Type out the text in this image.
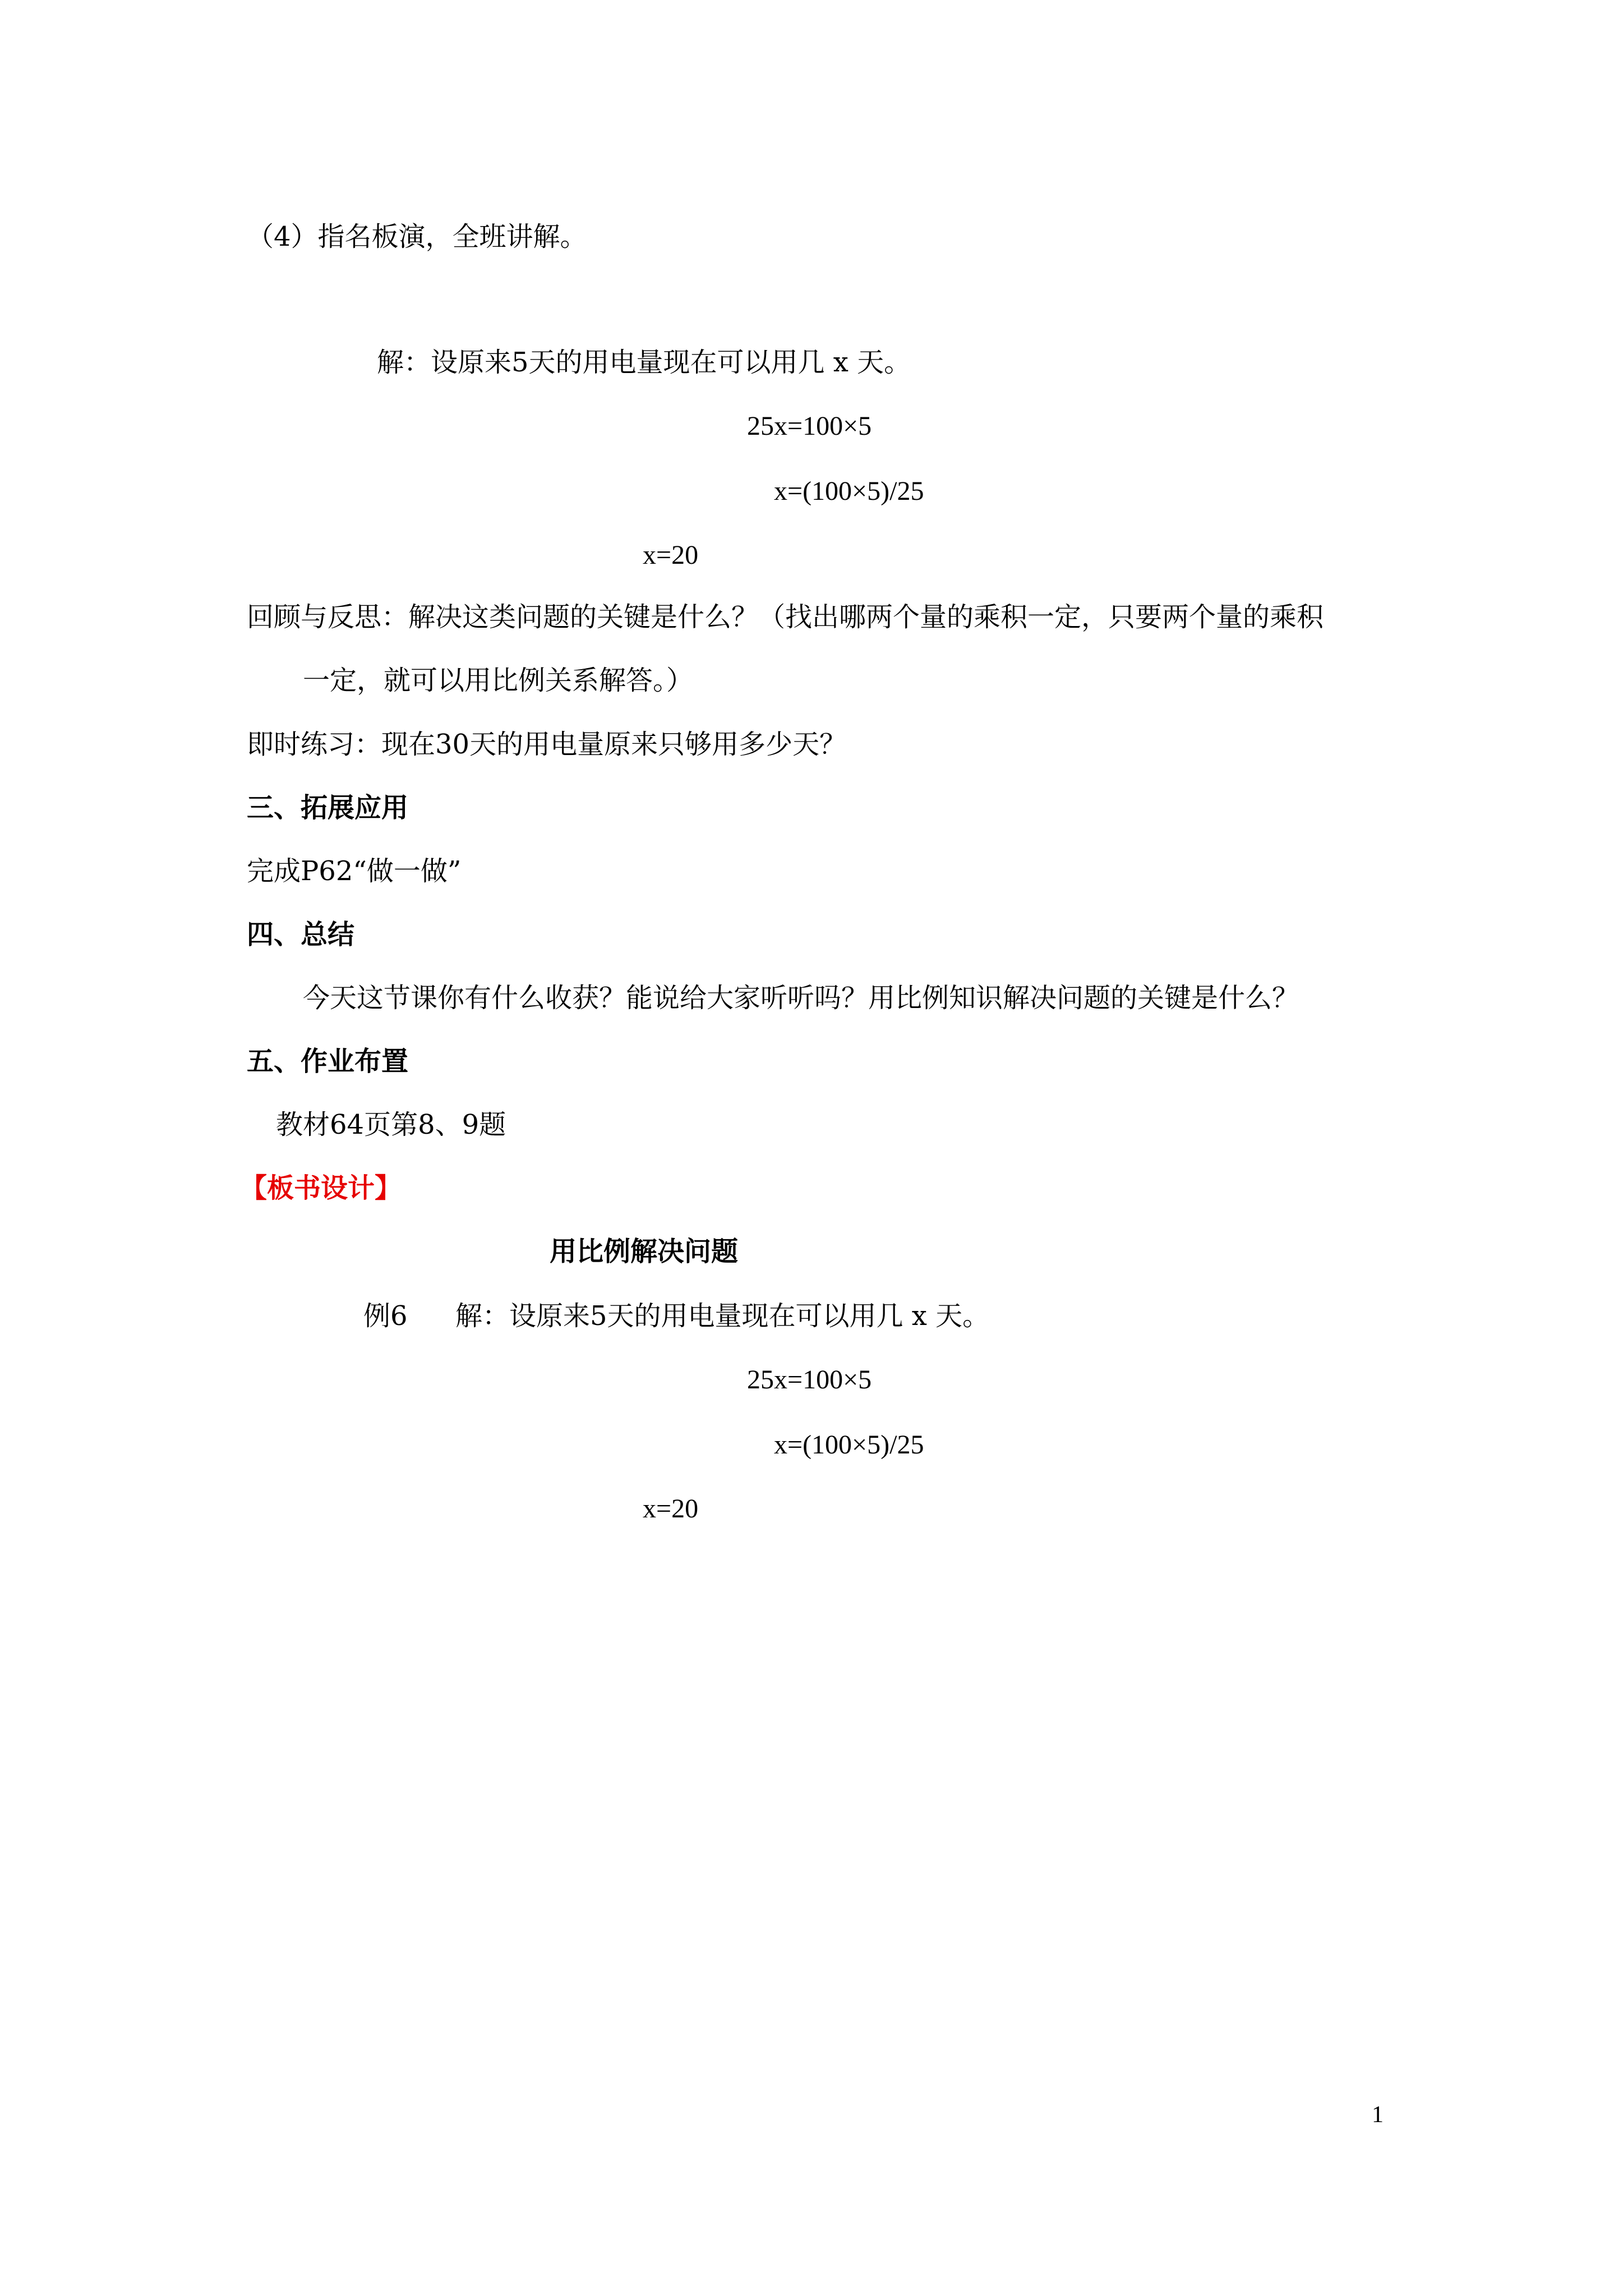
（4）指名板演，全班讲解。
解：设原来5天的用电量现在可以用几 x 天。
25x=100×5
x=(100×5)/25
x=20
回顾与反思：解决这类问题的关键是什么？（找出哪两个量的乘积一定，只要两个量的乘积
一定，就可以用比例关系解答。）
即时练习：现在30天的用电量原来只够用多少天？
三、拓展应用
完成P62“做一做”
四、总结
今天这节课你有什么收获？能说给大家听听吗？用比例知识解决问题的关键是什么？
五、作业布置
教材64页第8、9题
【板书设计】
用比例解决问题
例6 解：设原来5天的用电量现在可以用几 x 天。
25x=100×5
x=(100×5)/25
x=20
1
